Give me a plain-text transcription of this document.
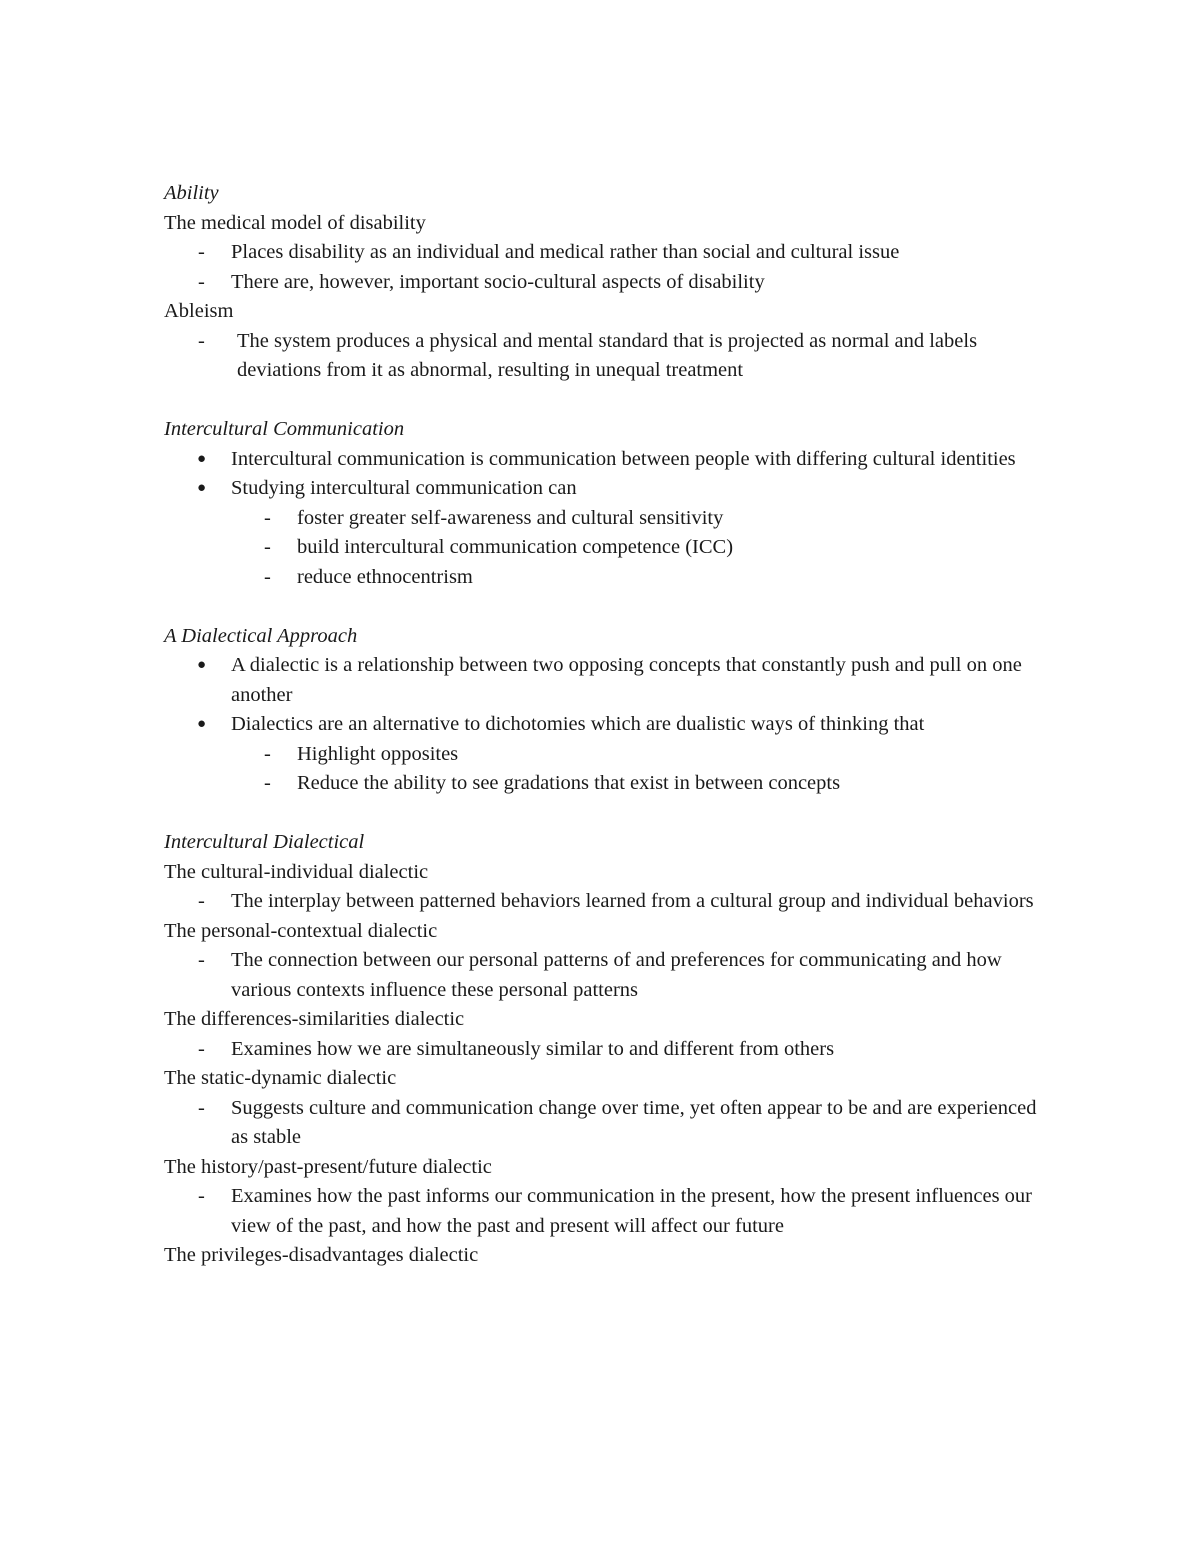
Ability

The medical model of disability

- Places disability as an individual and medical rather than social and cultural issue
- There are, however, important socio-cultural aspects of disability

Ableism

- The system produces a physical and mental standard that is projected as normal and labels deviations from it as abnormal, resulting in unequal treatment

Intercultural Communication

● Intercultural communication is communication between people with differing cultural identities
● Studying intercultural communication can
- foster greater self-awareness and cultural sensitivity
- build intercultural communication competence (ICC)
- reduce ethnocentrism

A Dialectical Approach

● A dialectic is a relationship between two opposing concepts that constantly push and pull on one another
● Dialectics are an alternative to dichotomies which are dualistic ways of thinking that
- Highlight opposites
- Reduce the ability to see gradations that exist in between concepts

Intercultural Dialectical

The cultural-individual dialectic

- The interplay between patterned behaviors learned from a cultural group and individual behaviors

The personal-contextual dialectic

- The connection between our personal patterns of and preferences for communicating and how various contexts influence these personal patterns

The differences-similarities dialectic

- Examines how we are simultaneously similar to and different from others

The static-dynamic dialectic

- Suggests culture and communication change over time, yet often appear to be and are experienced as stable

The history/past-present/future dialectic

- Examines how the past informs our communication in the present, how the present influences our view of the past, and how the past and present will affect our future

The privileges-disadvantages dialectic
